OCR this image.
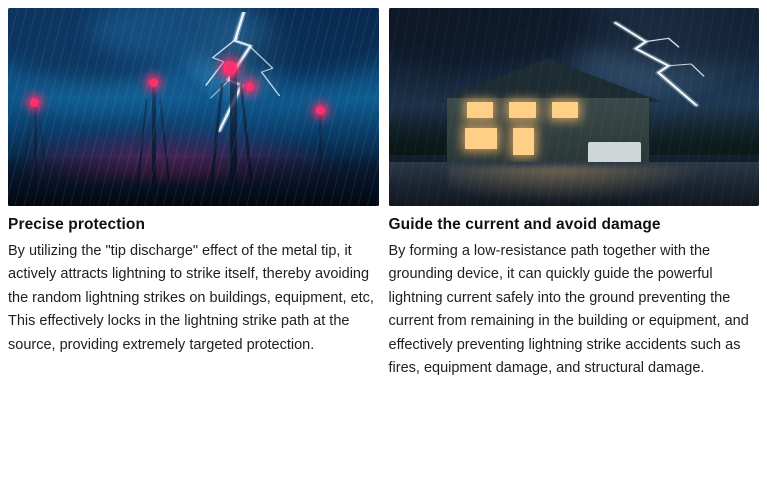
Precise protection
By utilizing the "tip discharge" effect of the metal tip, it actively attracts lightning to strike itself, thereby avoiding the random lightning strikes on buildings, equipment, etc, This effectively locks in the lightning strike path at the source, providing extremely targeted protection.
Guide the current and avoid damage
By forming a low-resistance path together with the grounding device, it can quickly guide the powerful lightning current safely into the ground preventing the current from remaining in the building or equipment, and effectively preventing lightning strike accidents such as fires, equipment damage, and structural damage.
